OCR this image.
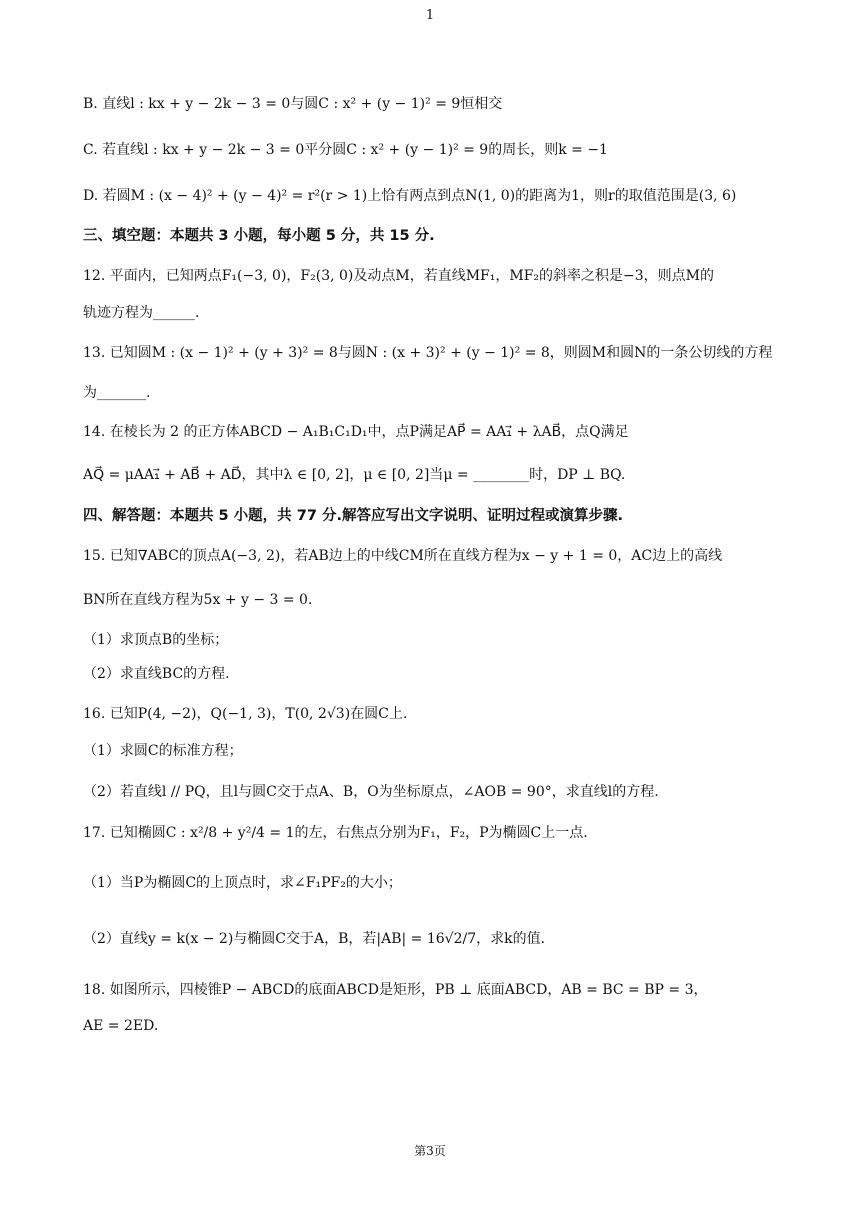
1
B. 直线l : kx + y − 2k − 3 = 0与圆C : x² + (y − 1)² = 9恒相交
C. 若直线l : kx + y − 2k − 3 = 0平分圆C : x² + (y − 1)² = 9的周长，则k = −1
D. 若圆M : (x − 4)² + (y − 4)² = r²(r > 1)上恰有两点到点N(1, 0)的距离为1，则r的取值范围是(3, 6)
三、填空题：本题共 3 小题，每小题 5 分，共 15 分.
12. 平面内，已知两点F₁(−3, 0)，F₂(3, 0)及动点M，若直线MF₁，MF₂的斜率之积是−3，则点M的
轨迹方程为______.
13. 已知圆M : (x − 1)² + (y + 3)² = 8与圆N : (x + 3)² + (y − 1)² = 8，则圆M和圆N的一条公切线的方程
为_______.
14. 在棱长为 2 的正方体ABCD − A₁B₁C₁D₁中，点P满足AP⃗ = AA₁⃗ + λAB⃗，点Q满足
AQ⃗ = μAA₁⃗ + AB⃗ + AD⃗，其中λ ∈ [0, 2]，μ ∈ [0, 2]当μ = ________时，DP ⊥ BQ.
四、解答题：本题共 5 小题，共 77 分.解答应写出文字说明、证明过程或演算步骤.
15. 已知∇ABC的顶点A(−3, 2)，若AB边上的中线CM所在直线方程为x − y + 1 = 0，AC边上的高线
BN所在直线方程为5x + y − 3 = 0.
（1）求顶点B的坐标；
（2）求直线BC的方程.
16. 已知P(4, −2)，Q(−1, 3)，T(0, 2√3)在圆C上.
（1）求圆C的标准方程；
（2）若直线l // PQ，且l与圆C交于点A、B，O为坐标原点，∠AOB = 90°，求直线l的方程.
17. 已知椭圆C : x²/8 + y²/4 = 1的左，右焦点分别为F₁，F₂，P为椭圆C上一点.
（1）当P为椭圆C的上顶点时，求∠F₁PF₂的大小；
（2）直线y = k(x − 2)与椭圆C交于A，B，若|AB| = 16√2/7，求k的值.
18. 如图所示，四棱锥P − ABCD的底面ABCD是矩形，PB ⊥ 底面ABCD，AB = BC = BP = 3，
AE = 2ED.
第3页
